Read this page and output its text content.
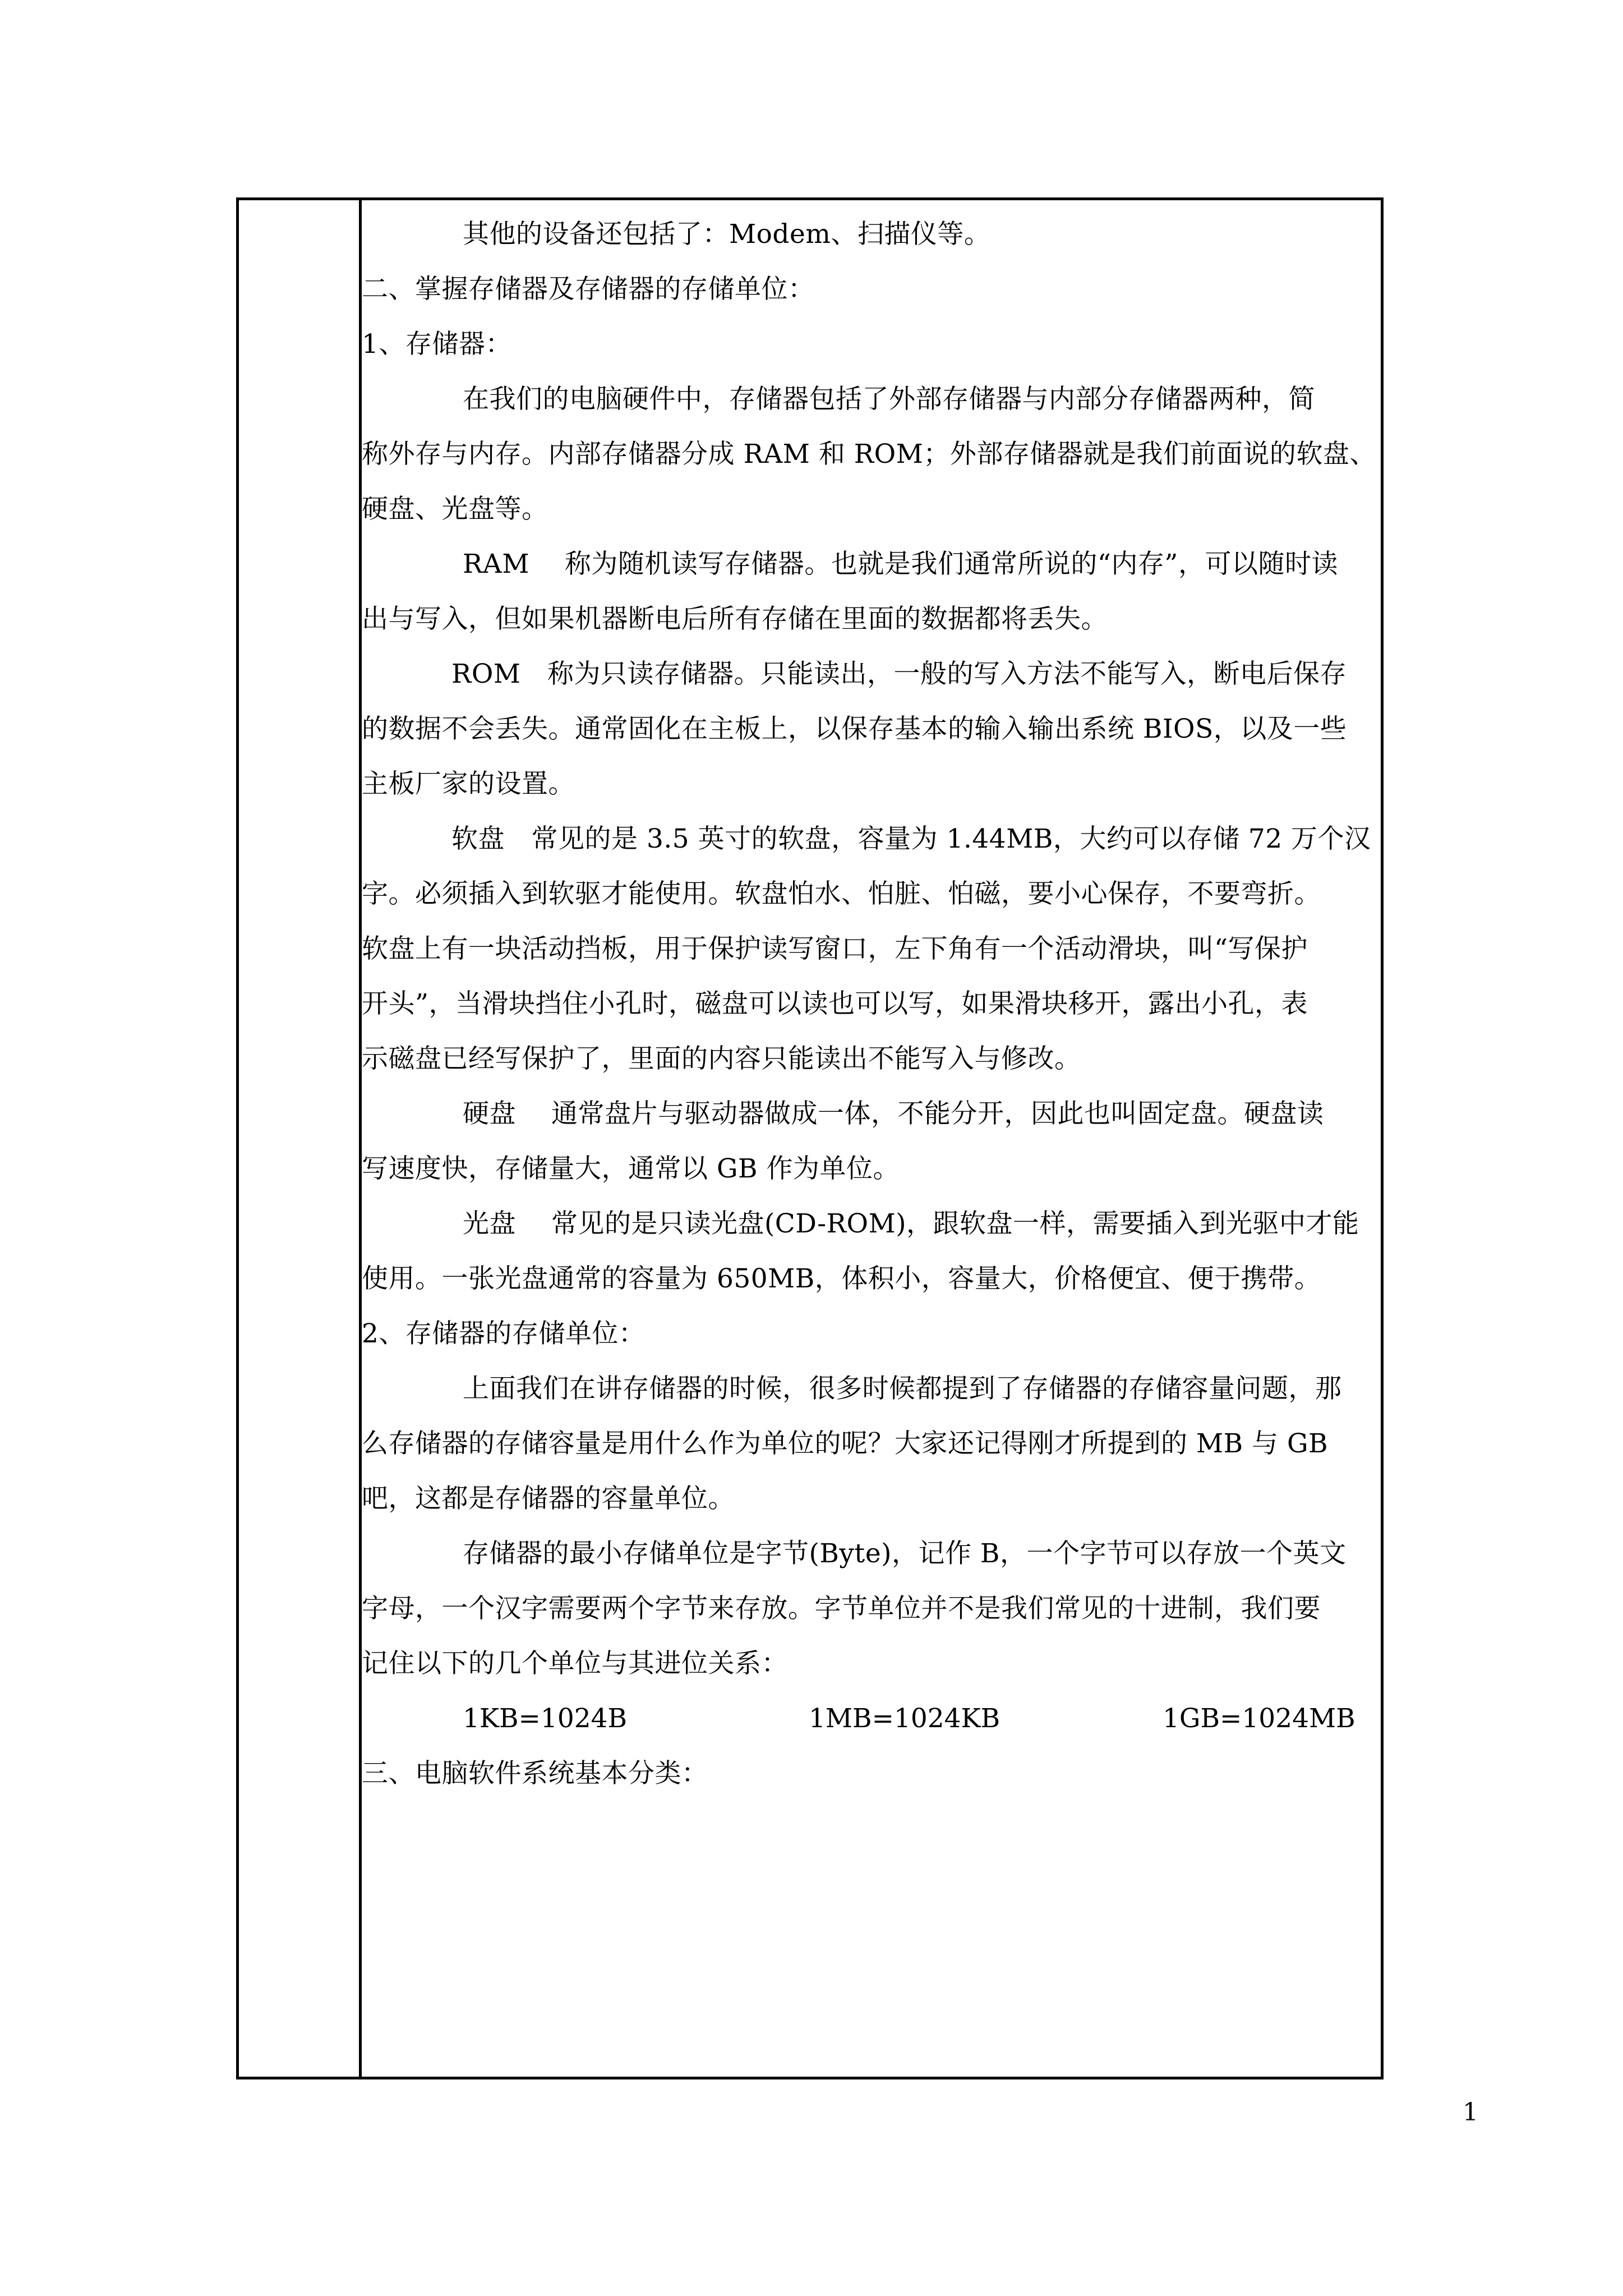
其他的设备还包括了：Modem、扫描仪等。
二、掌握存储器及存储器的存储单位：
1、存储器：
在我们的电脑硬件中，存储器包括了外部存储器与内部分存储器两种，简
称外存与内存。内部存储器分成 RAM 和 ROM；外部存储器就是我们前面说的软盘、
硬盘、光盘等。
RAM　 称为随机读写存储器。也就是我们通常所说的“内存”，可以随时读
出与写入，但如果机器断电后所有存储在里面的数据都将丢失。
ROM　称为只读存储器。只能读出，一般的写入方法不能写入，断电后保存
的数据不会丢失。通常固化在主板上，以保存基本的输入输出系统 BIOS，以及一些
主板厂家的设置。
软盘　常见的是 3.5 英寸的软盘，容量为 1.44MB，大约可以存储 72 万个汉
字。必须插入到软驱才能使用。软盘怕水、怕脏、怕磁，要小心保存，不要弯折。
软盘上有一块活动挡板，用于保护读写窗口，左下角有一个活动滑块，叫“写保护
开头”，当滑块挡住小孔时，磁盘可以读也可以写，如果滑块移开，露出小孔，表
示磁盘已经写保护了，里面的内容只能读出不能写入与修改。
硬盘　 通常盘片与驱动器做成一体，不能分开，因此也叫固定盘。硬盘读
写速度快，存储量大，通常以 GB 作为单位。
光盘　 常见的是只读光盘(CD-ROM)，跟软盘一样，需要插入到光驱中才能
使用。一张光盘通常的容量为 650MB，体积小，容量大，价格便宜、便于携带。
2、存储器的存储单位：
上面我们在讲存储器的时候，很多时候都提到了存储器的存储容量问题，那
么存储器的存储容量是用什么作为单位的呢？大家还记得刚才所提到的 MB 与 GB
吧，这都是存储器的容量单位。
存储器的最小存储单位是字节(Byte)，记作 B，一个字节可以存放一个英文
字母，一个汉字需要两个字节来存放。字节单位并不是我们常见的十进制，我们要
记住以下的几个单位与其进位关系：
1KB=1024B	1MB=1024KB	1GB=1024MB
三、电脑软件系统基本分类：
1
